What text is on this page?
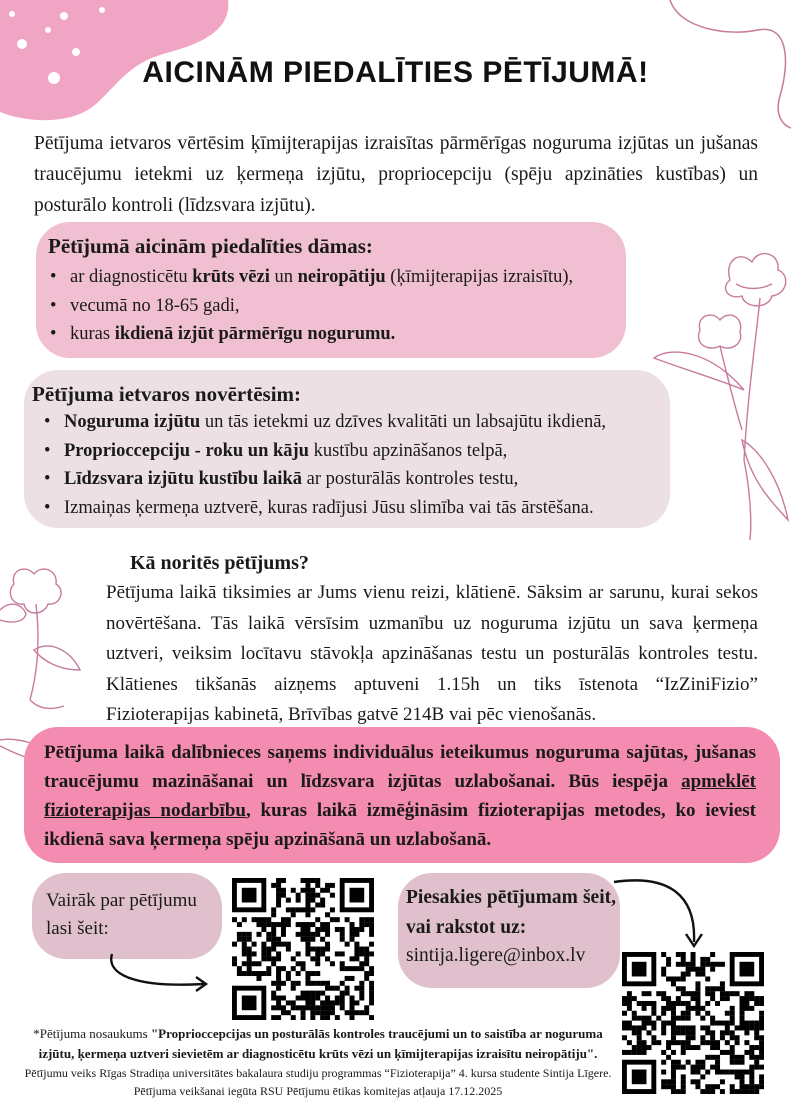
AICINĀM PIEDALĪTIES PĒTĪJUMĀ!
Pētījuma ietvaros vērtēsim ķīmijterapijas izraisītas pārmērīgas noguruma izjūtas un jušanas traucējumu ietekmi uz ķermeņa izjūtu, propriocepciju (spēju apzināties kustības) un posturālo kontroli (līdzsvara izjūtu).
Pētījumā aicinām piedalīties dāmas:
• ar diagnosticētu krūts vēzi un neiropātiju (ķīmijterapijas izraisītu),
• vecumā no 18-65 gadi,
• kuras ikdienā izjūt pārmērīgu nogurumu.
Pētījuma ietvaros novērtēsim:
• Noguruma izjūtu un tās ietekmi uz dzīves kvalitāti un labsajūtu ikdienā,
• Proprioccepciju - roku un kāju kustību apzināšanos telpā,
• Līdzsvara izjūtu kustību laikā ar posturālās kontroles testu,
• Izmaiņas ķermeņa uztverē, kuras radījusi Jūsu slimība vai tās ārstēšana.
Kā noritēs pētījums?
Pētījuma laikā tiksimies ar Jums vienu reizi, klātienē. Sāksim ar sarunu, kurai sekos novērtēšana. Tās laikā vērsīsim uzmanību uz noguruma izjūtu un sava ķermeņa uztveri, veiksim locītavu stāvokļa apzināšanas testu un posturālās kontroles testu. Klātienes tikšanās aizņems aptuveni 1.15h un tiks īstenota “IzZiniFizio” Fizioterapijas kabinetā, Brīvības gatvē 214B vai pēc vienošanās.
Pētījuma laikā dalībnieces saņems individuālus ieteikumus noguruma sajūtas, jušanas traucējumu mazināšanai un līdzsvara izjūtas uzlabošanai. Būs iespēja apmeklēt fizioterapijas nodarbību, kuras laikā izmēģināsim fizioterapijas metodes, ko ieviest ikdienā sava ķermeņa spēju apzināšanā un uzlabošanā.
Vairāk par pētījumu lasi šeit:
Piesakies pētījumam šeit, vai rakstot uz:
sintija.ligere@inbox.lv
*Pētījuma nosaukums "Proprioccepcijas un posturālās kontroles traucējumi un to saistība ar noguruma izjūtu, ķermeņa uztveri sievietēm ar diagnosticētu krūts vēzi un ķīmijterapijas izraisītu neiropātiju".
Pētījumu veiks Rīgas Stradiņa universitātes bakalaura studiju programmas “Fizioterapija” 4. kursa studente Sintija Līgere. Pētījuma veikšanai iegūta RSU Pētījumu ētikas komitejas atļauja 17.12.2025
